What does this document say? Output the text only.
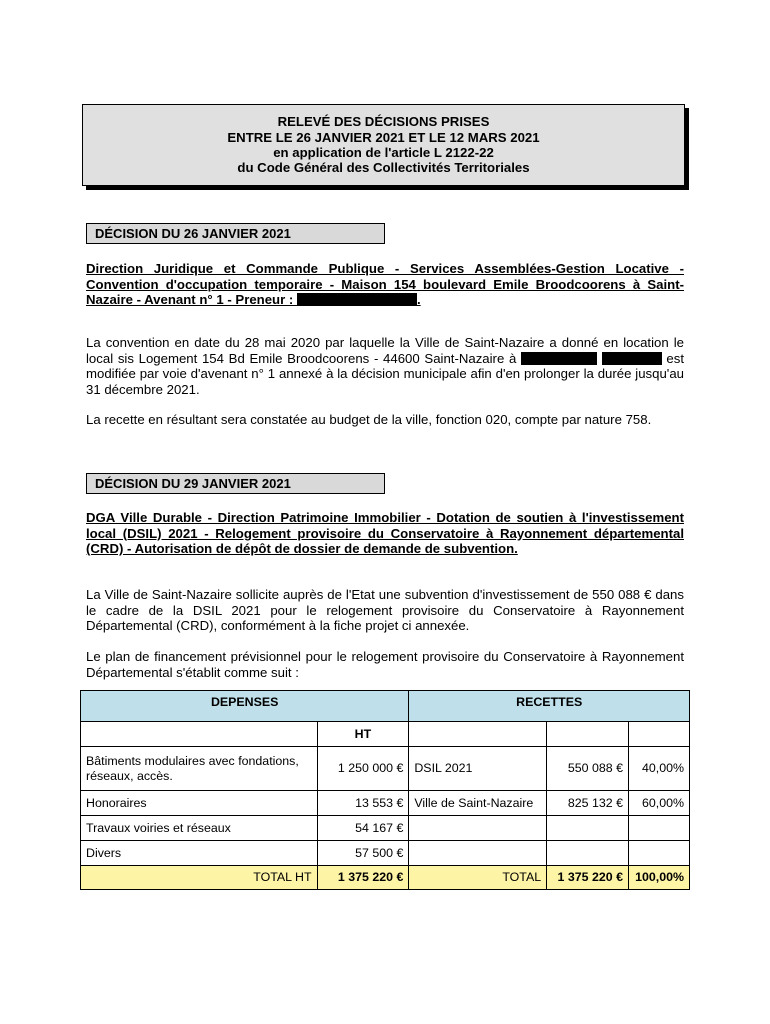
RELEVÉ DES DÉCISIONS PRISES
ENTRE LE 26 JANVIER 2021 ET LE 12 MARS 2021
en application de l'article L 2122-22
du Code Général des Collectivités Territoriales
DÉCISION DU 26 JANVIER 2021
Direction Juridique et Commande Publique - Services Assemblées-Gestion Locative - Convention d'occupation temporaire - Maison 154 boulevard Emile Broodcoorens à Saint-Nazaire - Avenant n° 1 - Preneur :	.
La convention en date du 28 mai 2020 par laquelle la Ville de Saint-Nazaire a donné en location le local sis Logement 154 Bd Emile Broodcoorens - 44600 Saint-Nazaire à	est modifiée par voie d'avenant n° 1 annexé à la décision municipale afin d'en prolonger la durée jusqu'au 31 décembre 2021.
La recette en résultant sera constatée au budget de la ville, fonction 020, compte par nature 758.
DÉCISION DU 29 JANVIER 2021
DGA Ville Durable - Direction Patrimoine Immobilier - Dotation de soutien à l'investissement local (DSIL) 2021 - Relogement provisoire du Conservatoire à Rayonnement départemental (CRD) - Autorisation de dépôt de dossier de demande de subvention.
La Ville de Saint-Nazaire sollicite auprès de l'Etat une subvention d'investissement de 550 088 € dans le cadre de la DSIL 2021 pour le relogement provisoire du Conservatoire à Rayonnement Départemental (CRD), conformément à la fiche projet ci annexée.
Le plan de financement prévisionnel pour le relogement provisoire du Conservatoire à Rayonnement Départemental s'établit comme suit :
DEPENSES		RECETTES		
	HT			
Bâtiments modulaires avec fondations, réseaux, accès.	1 250 000 €	DSIL 2021	550 088 €	40,00%
Honoraires	13 553 €	Ville de Saint-Nazaire	825 132 €	60,00%
Travaux voiries et réseaux	54 167 €			
Divers	57 500 €			
TOTAL HT	1 375 220 €	TOTAL	1 375 220 €	100,00%
